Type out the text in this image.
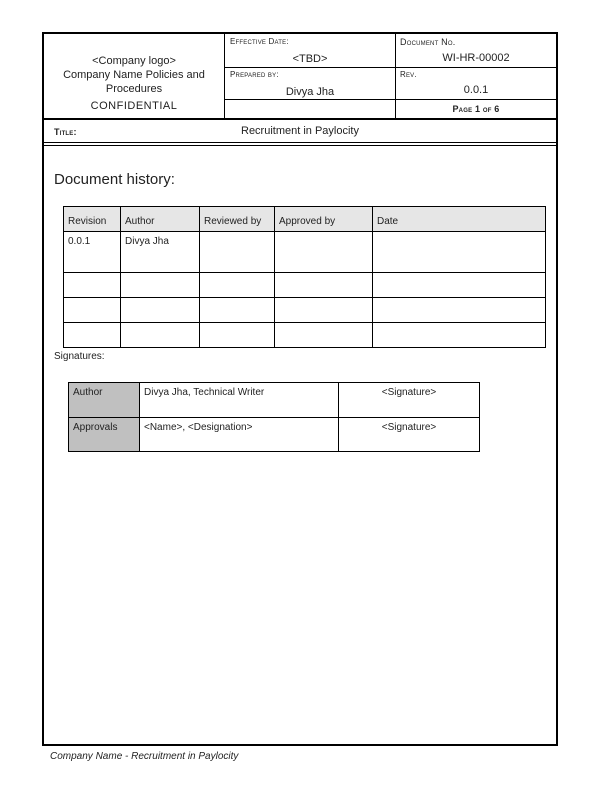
<Company logo>
Company Name Policies and Procedures
CONFIDENTIAL
Effective Date:
<TBD>
Prepared by:
Divya Jha
Document No.
WI-HR-00002
Rev.
0.0.1
Page 1 of 6
Title:	Recruitment in Paylocity
Document history:
Revision	Author	Reviewed by	Approved by	Date
0.0.1	Divya Jha			

Signatures:
Author	Divya Jha, Technical Writer	<Signature>
Approvals	<Name>, <Designation>	<Signature>
Company Name - Recruitment in Paylocity
